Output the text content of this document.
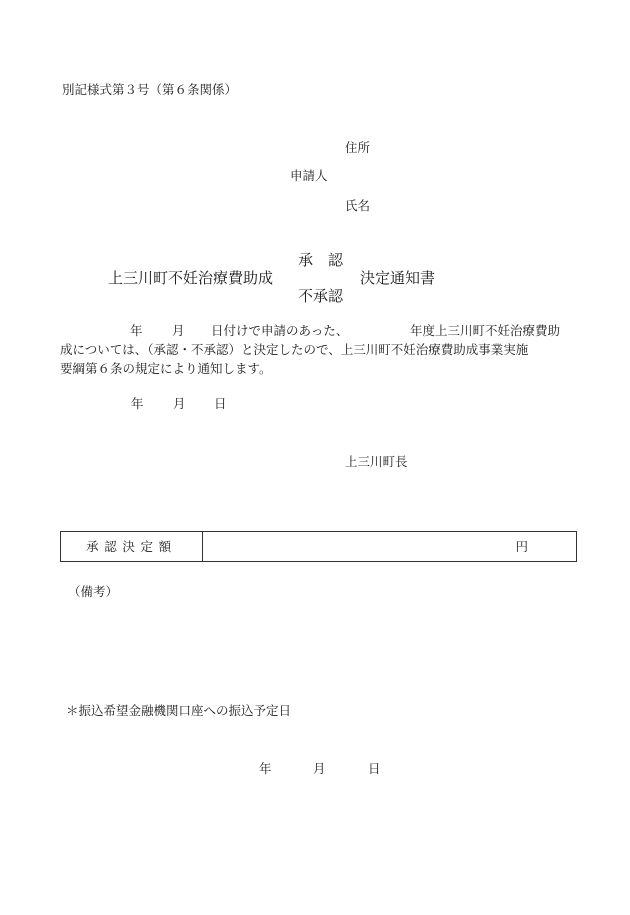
別記様式第３号（第６条関係）
住所
申請人
氏名
上三川町不妊治療費助成
承　認
不承認
決定通知書
年 月 日付けで申請のあった、	年度上三川町不妊治療費助
成については、（承認・不承認）と決定したので、上三川町不妊治療費助成事業実施
要綱第６条の規定により通知します。
年 月 日
上三川町長
承認決定額	円
（備考）
＊振込希望金融機関口座への振込予定日
年	月	日
